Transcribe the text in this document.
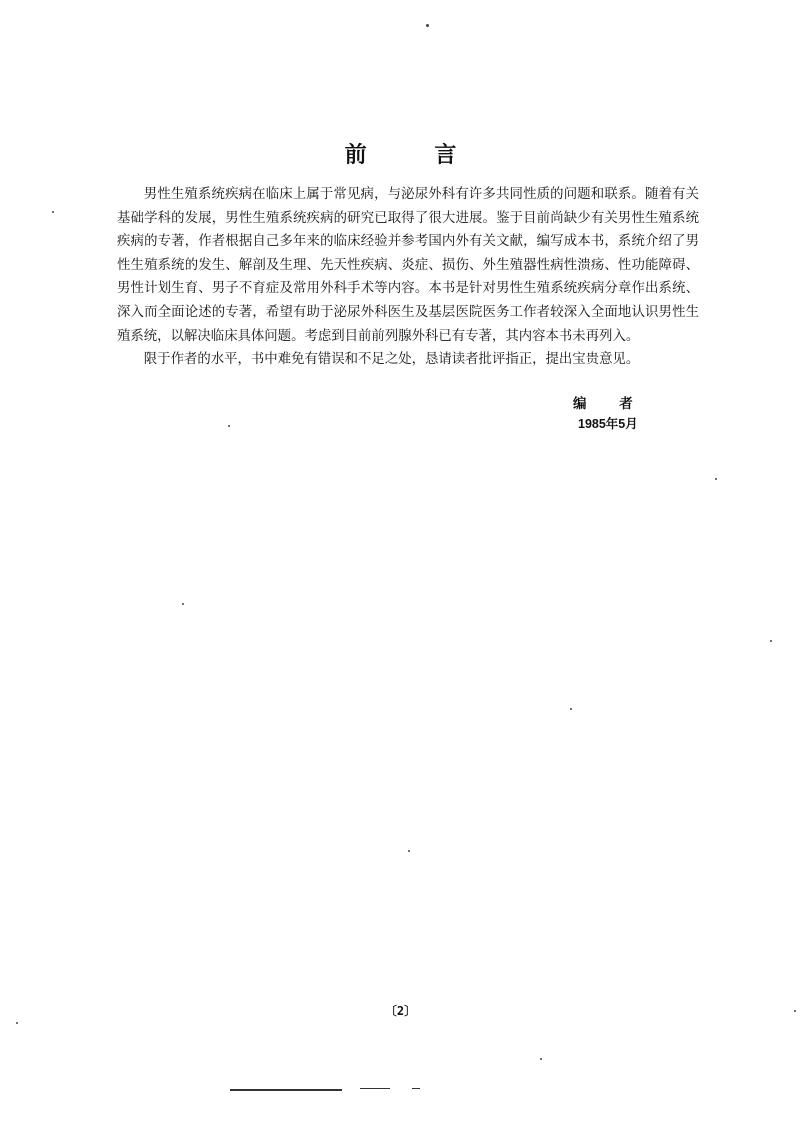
前 言

男性生殖系统疾病在临床上属于常见病，与泌尿外科有许多共同性质的问题和联系。随着有关基础学科的发展，男性生殖系统疾病的研究已取得了很大进展。鉴于目前尚缺少有关男性生殖系统疾病的专著，作者根据自己多年来的临床经验并参考国内外有关文献，编写成本书，系统介绍了男性生殖系统的发生、解剖及生理、先天性疾病、炎症、损伤、外生殖器性病性溃疡、性功能障碍、男性计划生育、男子不育症及常用外科手术等内容。本书是针对男性生殖系统疾病分章作出系统、深入而全面论述的专著，希望有助于泌尿外科医生及基层医院医务工作者较深入全面地认识男性生殖系统，以解决临床具体问题。考虑到目前前列腺外科已有专著，其内容本书未再列入。

限于作者的水平，书中难免有错误和不足之处，恳请读者批评指正，提出宝贵意见。

编 者
1985年5月
〔2〕
